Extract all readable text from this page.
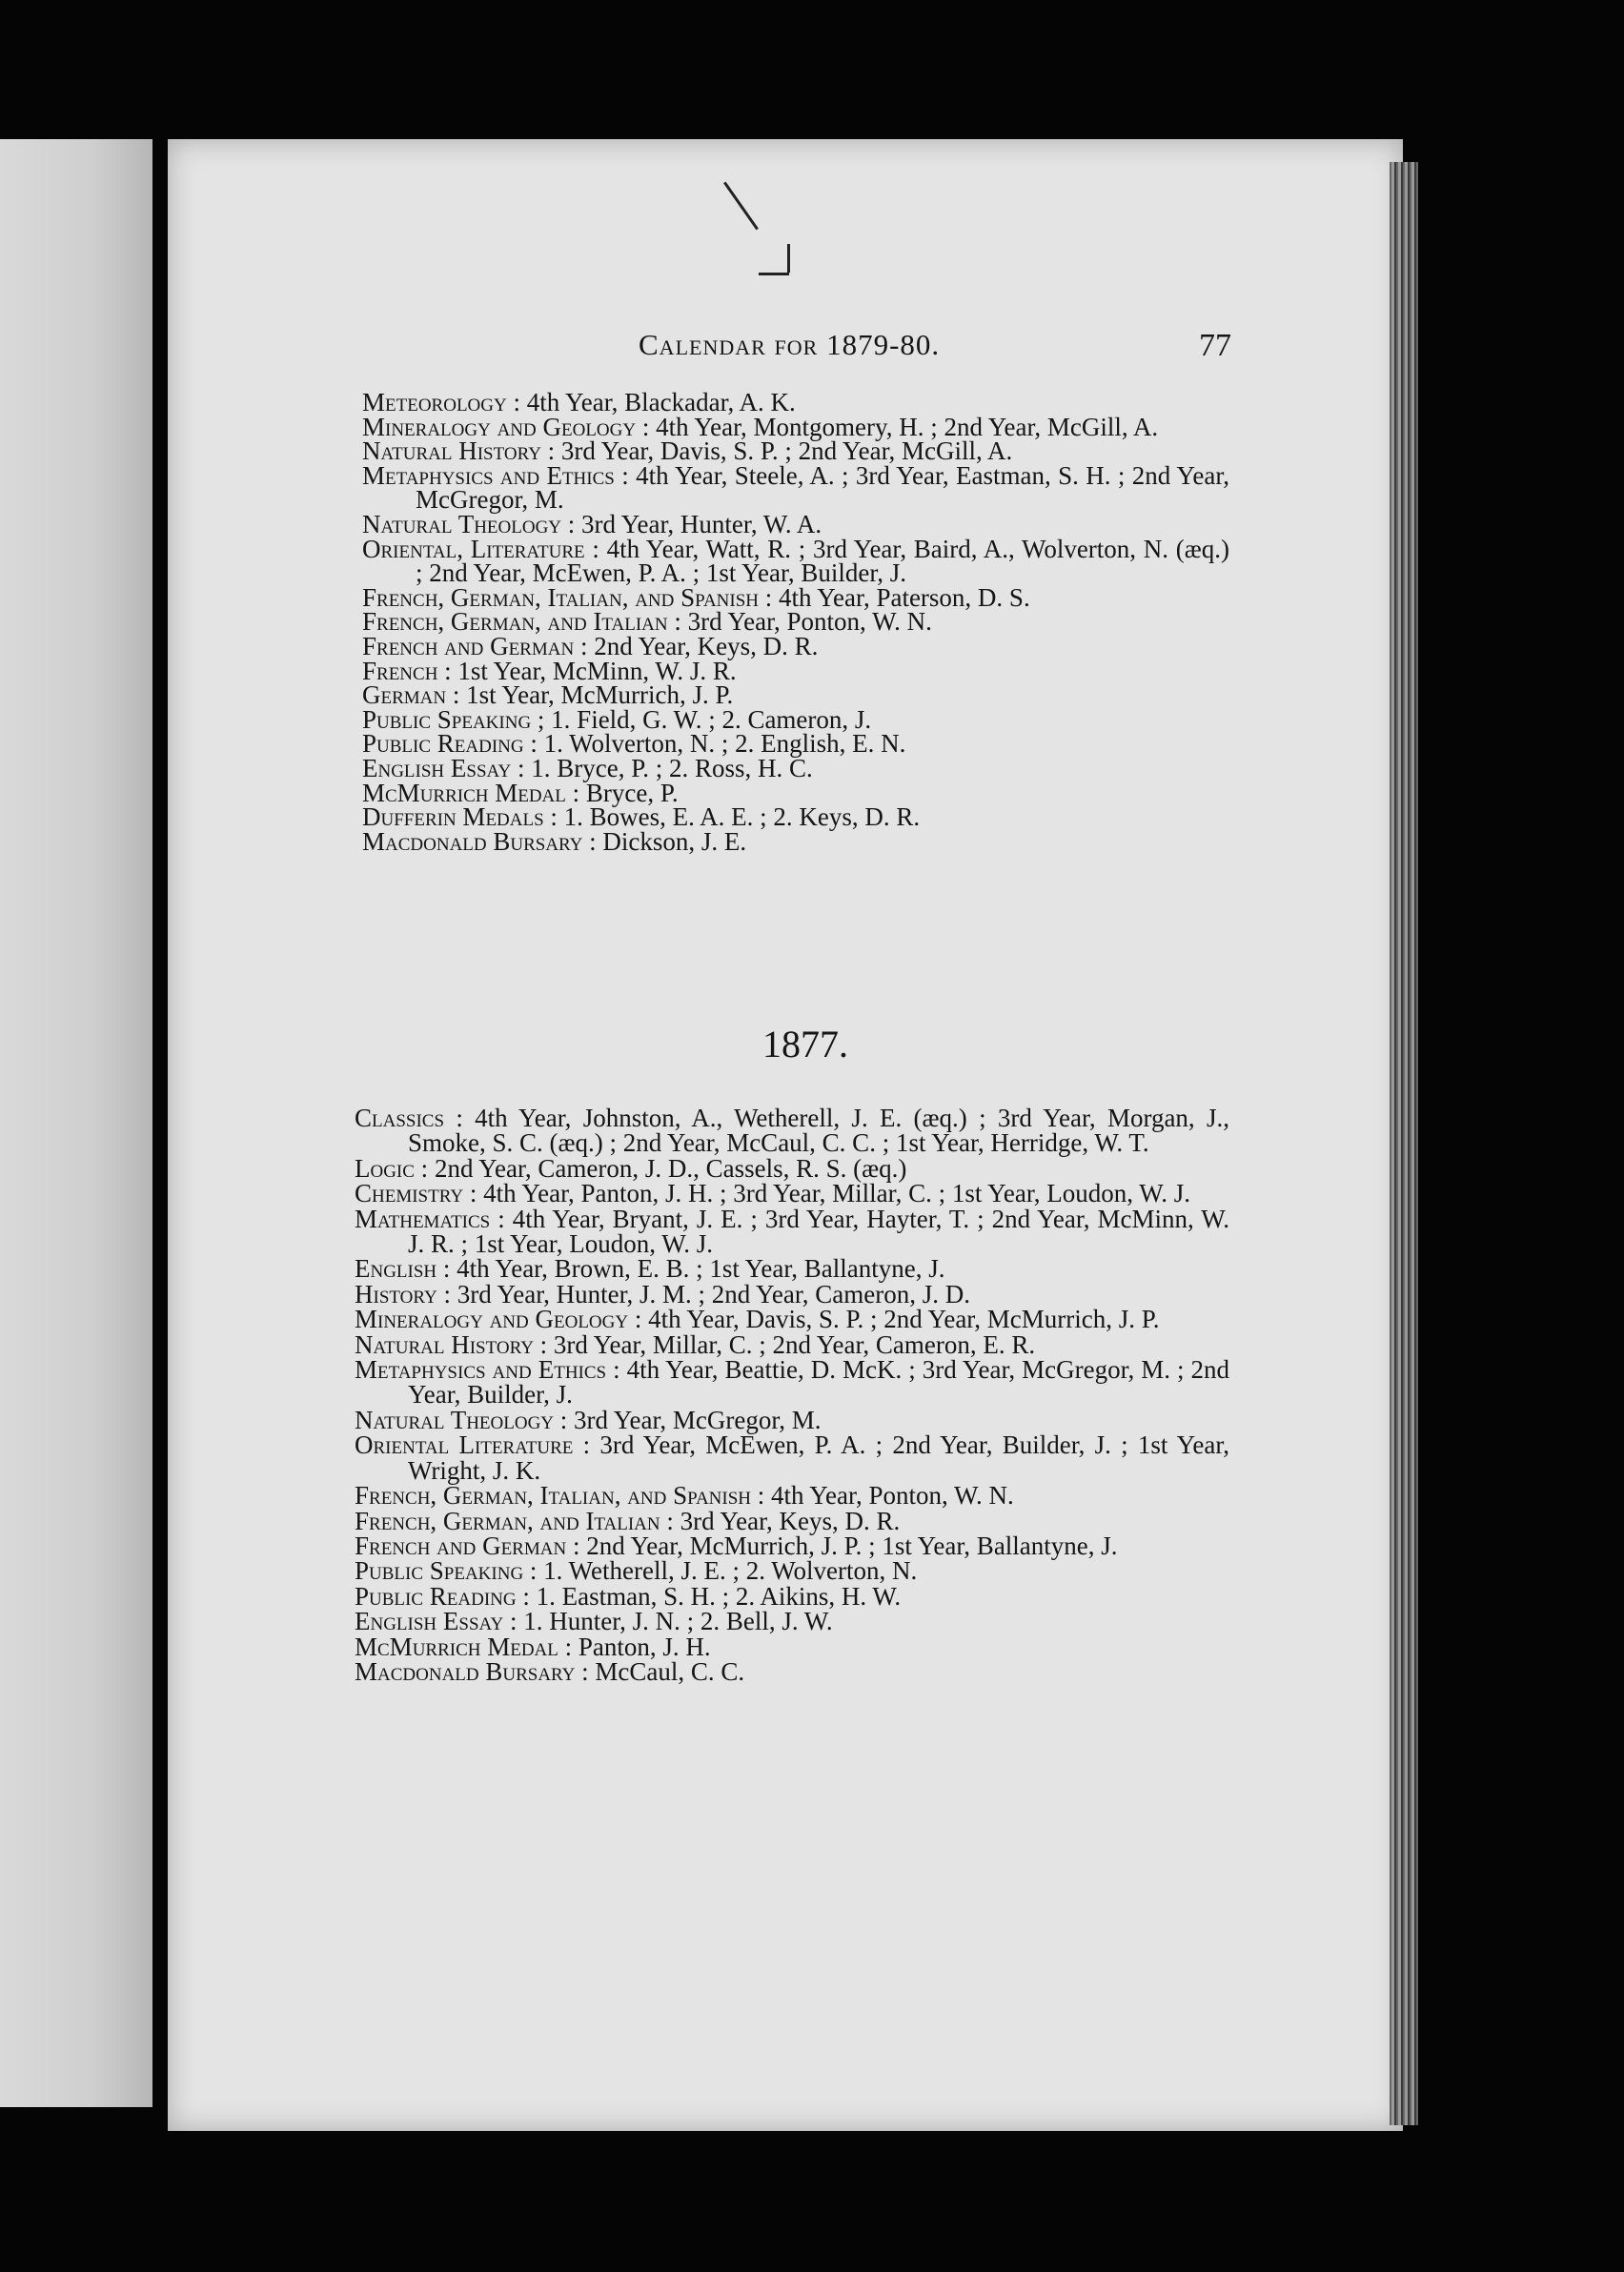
Calendar for 1879-80.	77
Meteorology : 4th Year, Blackadar, A. K.
Mineralogy and Geology : 4th Year, Montgomery, H. ; 2nd Year, McGill, A.
Natural History : 3rd Year, Davis, S. P. ; 2nd Year, McGill, A.
Metaphysics and Ethics : 4th Year, Steele, A. ; 3rd Year, Eastman, S. H. ; 2nd Year, McGregor, M.
Natural Theology : 3rd Year, Hunter, W. A.
Oriental, Literature : 4th Year, Watt, R. ; 3rd Year, Baird, A., Wolverton, N. (æq.) ; 2nd Year, McEwen, P. A. ; 1st Year, Builder, J.
French, German, Italian, and Spanish : 4th Year, Paterson, D. S.
French, German, and Italian : 3rd Year, Ponton, W. N.
French and German : 2nd Year, Keys, D. R.
French : 1st Year, McMinn, W. J. R.
German : 1st Year, McMurrich, J. P.
Public Speaking ; 1. Field, G. W. ; 2. Cameron, J.
Public Reading : 1. Wolverton, N. ; 2. English, E. N.
English Essay : 1. Bryce, P. ; 2. Ross, H. C.
McMurrich Medal : Bryce, P.
Dufferin Medals : 1. Bowes, E. A. E. ; 2. Keys, D. R.
Macdonald Bursary : Dickson, J. E.
1877.
Classics : 4th Year, Johnston, A., Wetherell, J. E. (æq.) ; 3rd Year, Morgan, J., Smoke, S. C. (æq.) ; 2nd Year, McCaul, C. C. ; 1st Year, Herridge, W. T.
Logic : 2nd Year, Cameron, J. D., Cassels, R. S. (æq.)
Chemistry : 4th Year, Panton, J. H. ; 3rd Year, Millar, C. ; 1st Year, Loudon, W. J.
Mathematics : 4th Year, Bryant, J. E. ; 3rd Year, Hayter, T. ; 2nd Year, McMinn, W. J. R. ; 1st Year, Loudon, W. J.
English : 4th Year, Brown, E. B. ; 1st Year, Ballantyne, J.
History : 3rd Year, Hunter, J. M. ; 2nd Year, Cameron, J. D.
Mineralogy and Geology : 4th Year, Davis, S. P. ; 2nd Year, McMurrich, J. P.
Natural History : 3rd Year, Millar, C. ; 2nd Year, Cameron, E. R.
Metaphysics and Ethics : 4th Year, Beattie, D. McK. ; 3rd Year, McGregor, M. ; 2nd Year, Builder, J.
Natural Theology : 3rd Year, McGregor, M.
Oriental Literature : 3rd Year, McEwen, P. A. ; 2nd Year, Builder, J. ; 1st Year, Wright, J. K.
French, German, Italian, and Spanish : 4th Year, Ponton, W. N.
French, German, and Italian : 3rd Year, Keys, D. R.
French and German : 2nd Year, McMurrich, J. P. ; 1st Year, Ballantyne, J.
Public Speaking : 1. Wetherell, J. E. ; 2. Wolverton, N.
Public Reading : 1. Eastman, S. H. ; 2. Aikins, H. W.
English Essay : 1. Hunter, J. N. ; 2. Bell, J. W.
McMurrich Medal : Panton, J. H.
Macdonald Bursary : McCaul, C. C.
